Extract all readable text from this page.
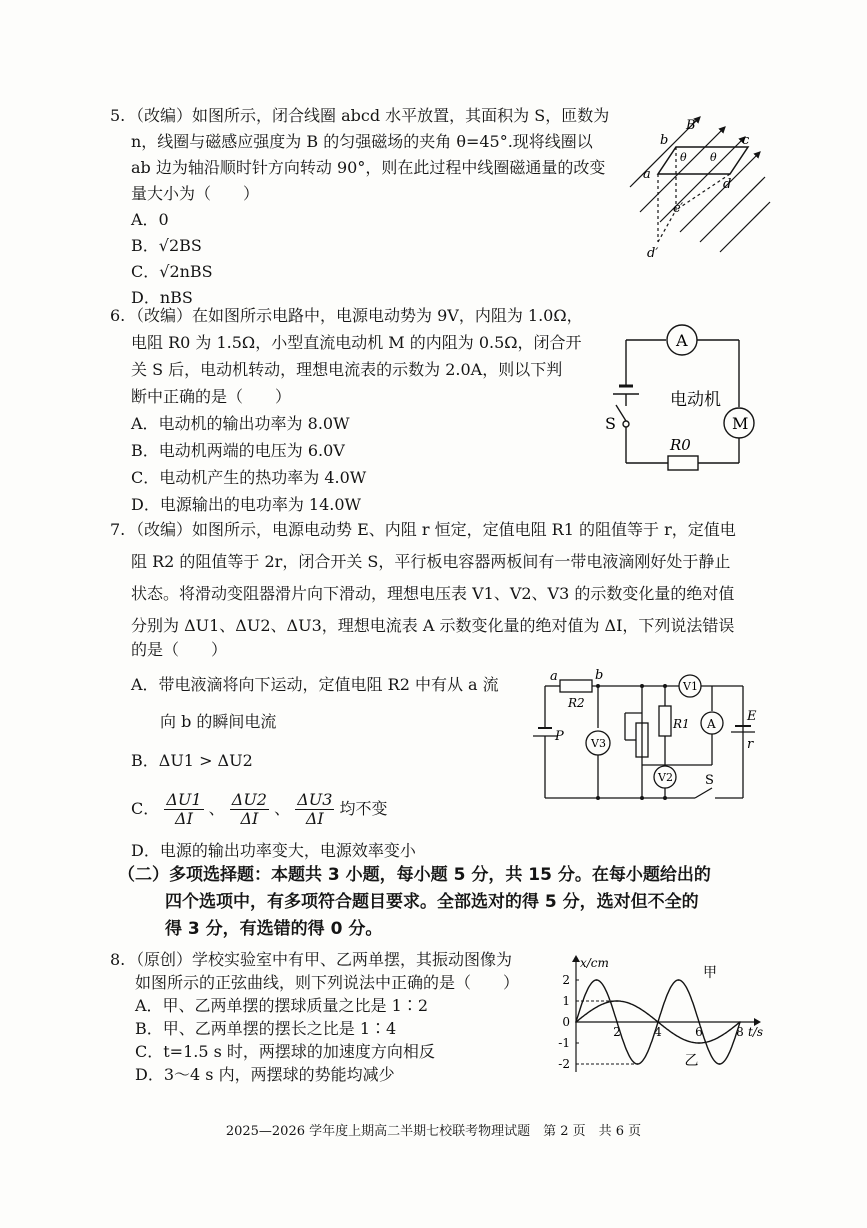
5. （改编）如图所示，闭合线圈 abcd 水平放置，其面积为 S，匝数为
n，线圈与磁感应强度为 B 的匀强磁场的夹角 θ=45°.现将线圈以
ab 边为轴沿顺时针方向转动 90°，则在此过程中线圈磁通量的改变
量大小为（　　）
A．0
B．√2BS
C．√2nBS
D．nBS
B
b	c
θ θ
a
d
c′
d′
6. （改编）在如图所示电路中，电源电动势为 9V，内阻为 1.0Ω，
电阻 R0 为 1.5Ω，小型直流电动机 M 的内阻为 0.5Ω，闭合开
关 S 后，电动机转动，理想电流表的示数为 2.0A，则以下判
断中正确的是（　　）
A．电动机的输出功率为 8.0W
B．电动机两端的电压为 6.0V
C．电动机产生的热功率为 4.0W
D．电源输出的电功率为 14.0W
A
电动机
M
S
R0
7. （改编）如图所示，电源电动势 E、内阻 r 恒定，定值电阻 R1 的阻值等于 r，定值电
阻 R2 的阻值等于 2r，闭合开关 S，平行板电容器两板间有一带电液滴刚好处于静止
状态。将滑动变阻器滑片向下滑动，理想电压表 V1、V2、V3 的示数变化量的绝对值
分别为 ΔU1、ΔU2、ΔU3，理想电流表 A 示数变化量的绝对值为 ΔI，下列说法错误
的是（　　）
A．带电液滴将向下运动，定值电阻 R2 中有从 a 流
向 b 的瞬间电流
B．ΔU1 > ΔU2
C． $\frac{\Delta U1}{\Delta I}$ 、 $\frac{\Delta U2}{\Delta I}$ 、 $\frac{\Delta U3}{\Delta I}$ 均不变
D．电源的输出功率变大，电源效率变小
a	b
R2
V1
R1 A E
r
P V3
V2 S
（二）多项选择题：本题共 3 小题，每小题 5 分，共 15 分。在每小题给出的
四个选项中，有多项符合题目要求。全部选对的得 5 分，选对但不全的
得 3 分，有选错的得 0 分。
8. （原创）学校实验室中有甲、乙两单摆，其振动图像为
如图所示的正弦曲线，则下列说法中正确的是（　　）
A．甲、乙两单摆的摆球质量之比是 1∶2
B．甲、乙两单摆的摆长之比是 1∶4
C．t=1.5 s 时，两摆球的加速度方向相反
D．3～4 s 内，两摆球的势能均减少
x/cm
t/s
2
1
0
-1
-2
2	4	6	8
甲
乙
2025—2026 学年度上期高二半期七校联考物理试题　第 2 页　共 6 页
